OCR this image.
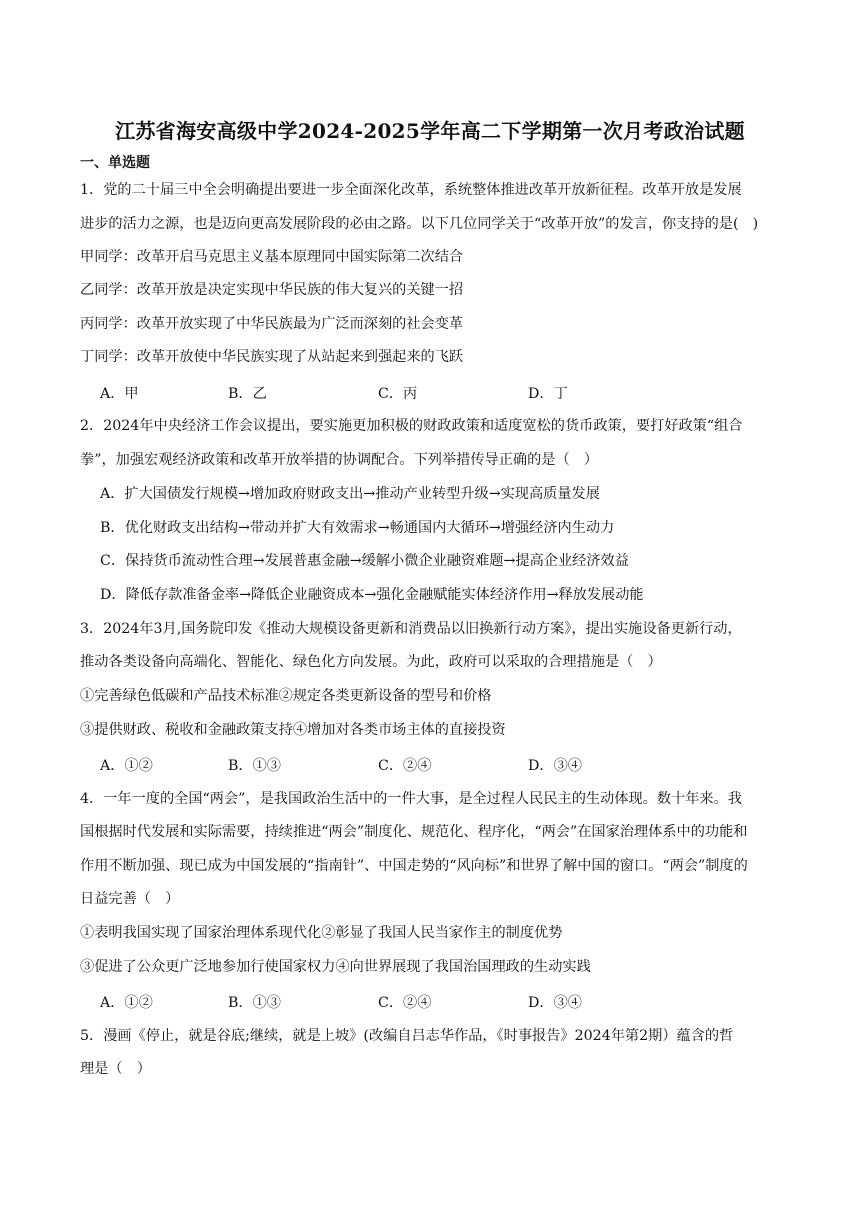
江苏省海安高级中学2024-2025学年高二下学期第一次月考政治试题
一、单选题
1．党的二十届三中全会明确提出要进一步全面深化改革，系统整体推进改革开放新征程。改革开放是发展
进步的活力之源，也是迈向更高发展阶段的必由之路。以下几位同学关于“改革开放”的发言，你支持的是(　)
甲同学：改革开启马克思主义基本原理同中国实际第二次结合
乙同学：改革开放是决定实现中华民族的伟大复兴的关键一招
丙同学：改革开放实现了中华民族最为广泛而深刻的社会变革
丁同学：改革开放使中华民族实现了从站起来到强起来的飞跃
A．甲	B．乙	C．丙	D．丁
2．2024年中央经济工作会议提出，要实施更加积极的财政政策和适度宽松的货币政策，要打好政策“组合
拳”，加强宏观经济政策和改革开放举措的协调配合。下列举措传导正确的是（　）
A．扩大国债发行规模→增加政府财政支出→推动产业转型升级→实现高质量发展
B．优化财政支出结构→带动并扩大有效需求→畅通国内大循环→增强经济内生动力
C．保持货币流动性合理→发展普惠金融→缓解小微企业融资难题→提高企业经济效益
D．降低存款准备金率→降低企业融资成本→强化金融赋能实体经济作用→释放发展动能
3．2024年3月,国务院印发《推动大规模设备更新和消费品以旧换新行动方案》，提出实施设备更新行动，
推动各类设备向高端化、智能化、绿色化方向发展。为此，政府可以采取的合理措施是（　）
①完善绿色低碳和产品技术标准②规定各类更新设备的型号和价格
③提供财政、税收和金融政策支持④增加对各类市场主体的直接投资
A．①②	B．①③	C．②④	D．③④
4．一年一度的全国“两会”，是我国政治生活中的一件大事，是全过程人民民主的生动体现。数十年来。我
国根据时代发展和实际需要，持续推进“两会”制度化、规范化、程序化，“两会”在国家治理体系中的功能和
作用不断加强、现已成为中国发展的“指南针”、中国走势的“风向标”和世界了解中国的窗口。“两会”制度的
日益完善（　）
①表明我国实现了国家治理体系现代化②彰显了我国人民当家作主的制度优势
③促进了公众更广泛地参加行使国家权力④向世界展现了我国治国理政的生动实践
A．①②	B．①③	C．②④	D．③④
5．漫画《停止，就是谷底;继续，就是上坡》(改编自吕志华作品，《时事报告》2024年第2期）蕴含的哲
理是（　）
